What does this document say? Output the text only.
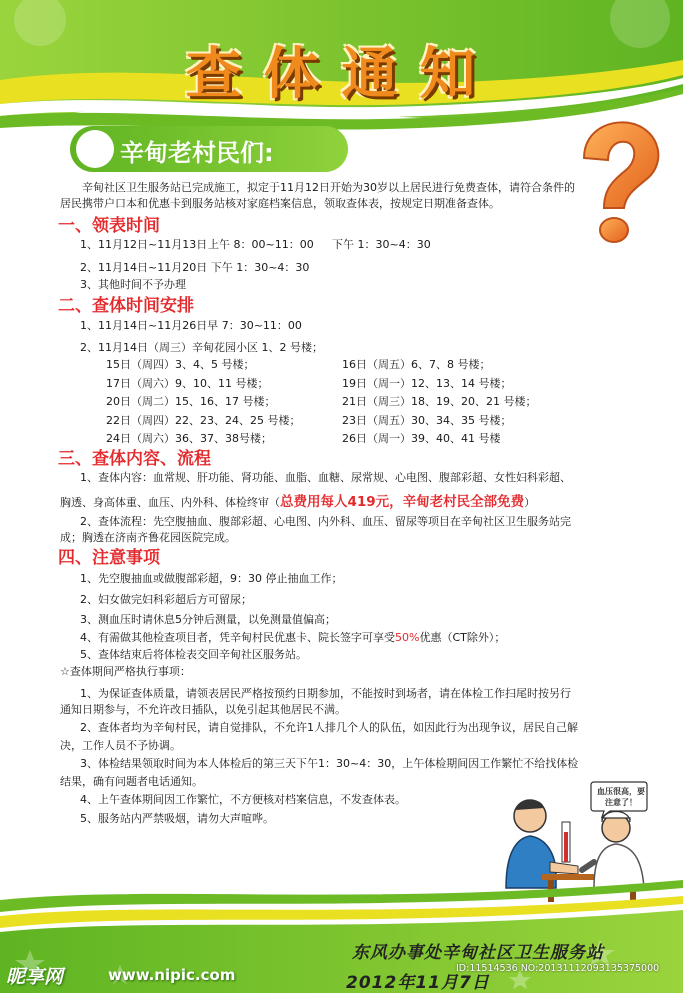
查体通知
辛甸老村民们:
辛甸社区卫生服务站已完成施工，拟定于11月12日开始为30岁以上居民进行免费查体，请符合条件的居民携带户口本和优惠卡到服务站核对家庭档案信息，领取查体表，按规定日期准备查体。
一、领表时间
1、11月12日~11月13日 上午 8：00~11：00 下午 1：30~4：30
2、11月14日~11月20日 下午 1：30~4：30
3、其他时间不予办理
二、查体时间安排
1、11月14日~11月26日早 7：30~11：00
2、11月14日（周三）辛甸花园小区 1、2 号楼；
15日（周四）3、4、5 号楼；
17日（周六）9、10、11 号楼；
20日（周二）15、16、17 号楼；
22日（周四）22、23、24、25 号楼；
24日（周六）36、37、38号楼；
16日（周五）6、7、8 号楼；
19日（周一）12、13、14 号楼；
21日（周三）18、19、20、21 号楼；
23日（周五）30、34、35 号楼；
26日（周一）39、40、41 号楼
三、查体内容、流程
1、查体内容：血常规、肝功能、肾功能、血脂、血糖、尿常规、心电图、腹部彩超、女性妇科彩超、
胸透、身高体重、血压、内外科、体检终审（总费用每人419元，辛甸老村民全部免费）
2、查体流程：先空腹抽血、腹部彩超、心电图、内外科、血压、留尿等项目在辛甸社区卫生服务站完
成；胸透在济南齐鲁花园医院完成。
四、注意事项
1、先空腹抽血或做腹部彩超，9：30 停止抽血工作；
2、妇女做完妇科彩超后方可留尿；
3、测血压时请休息5分钟后测量，以免测量值偏高；
4、有需做其他检查项目者，凭辛甸村民优惠卡、院长签字可享受50%优惠（CT除外）；
5、查体结束后将体检表交回辛甸社区服务站。
☆查体期间严格执行事项：
1、为保证查体质量，请领表居民严格按预约日期参加，不能按时到场者，请在体检工作扫尾时按另行
通知日期参与，不允许改日插队，以免引起其他居民不满。
2、查体者均为辛甸村民，请自觉排队，不允许1人排几个人的队伍，如因此行为出现争议，居民自己解
决，工作人员不予协调。
3、体检结果领取时间为本人体检后的第三天下午1：30~4：30，上午体检期间因工作繁忙不给找体检
结果，确有问题者电话通知。
4、上午查体期间因工作繁忙，不方便核对档案信息，不发查体表。
5、服务站内严禁吸烟，请勿大声喧哗。
血压很高，要注意了！
东风办事处辛甸社区卫生服务站
2012年11月7日
昵享网	www.nipic.com	ID:11514536 NO:20131112093135375000
